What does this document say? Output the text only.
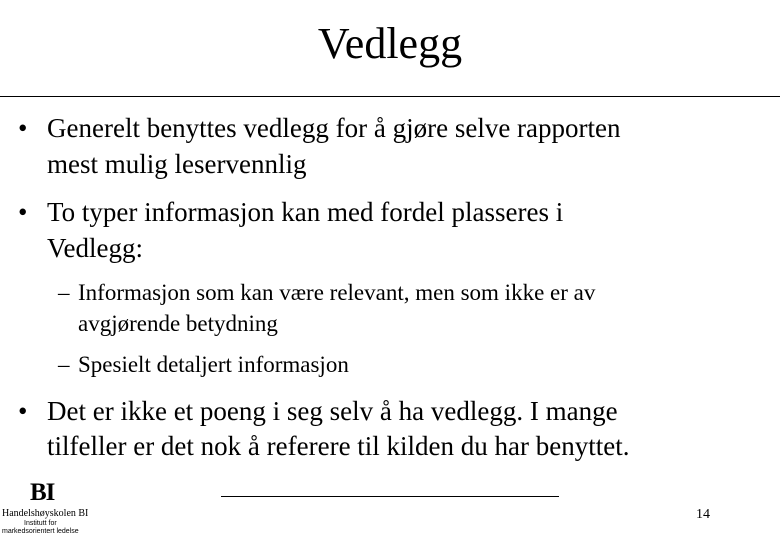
Vedlegg
• Generelt benyttes vedlegg for å gjøre selve rapporten
mest mulig leservennlig
• To typer informasjon kan med fordel plasseres i
Vedlegg:
– Informasjon som kan være relevant, men som ikke er av
avgjørende betydning
– Spesielt detaljert informasjon
• Det er ikke et poeng i seg selv å ha vedlegg. I mange
tilfeller er det nok å referere til kilden du har benyttet.
14
BI
Handelshøyskolen BI
Institutt for
markedsorientert ledelse
